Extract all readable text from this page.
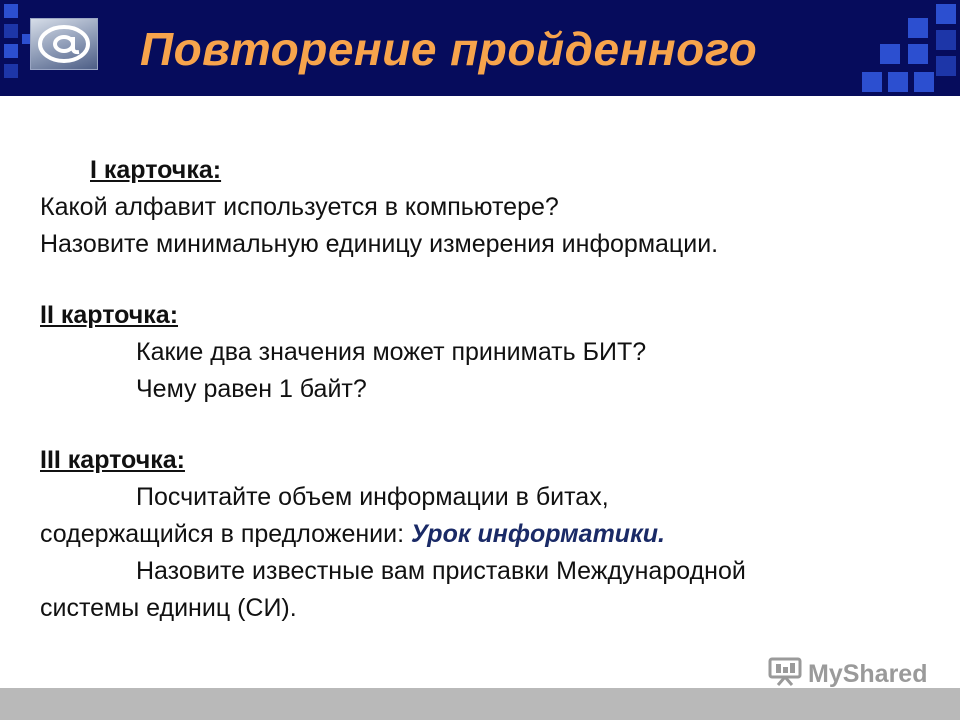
Повторение пройденного
I карточка:
Какой алфавит используется в компьютере?
Назовите минимальную единицу измерения информации.
II карточка:
Какие два значения может принимать БИТ?
Чему равен 1 байт?
III карточка:
Посчитайте объем информации в битах,
содержащийся в предложении: Урок информатики.
Назовите известные вам приставки Международной
системы единиц (СИ).
MyShared
